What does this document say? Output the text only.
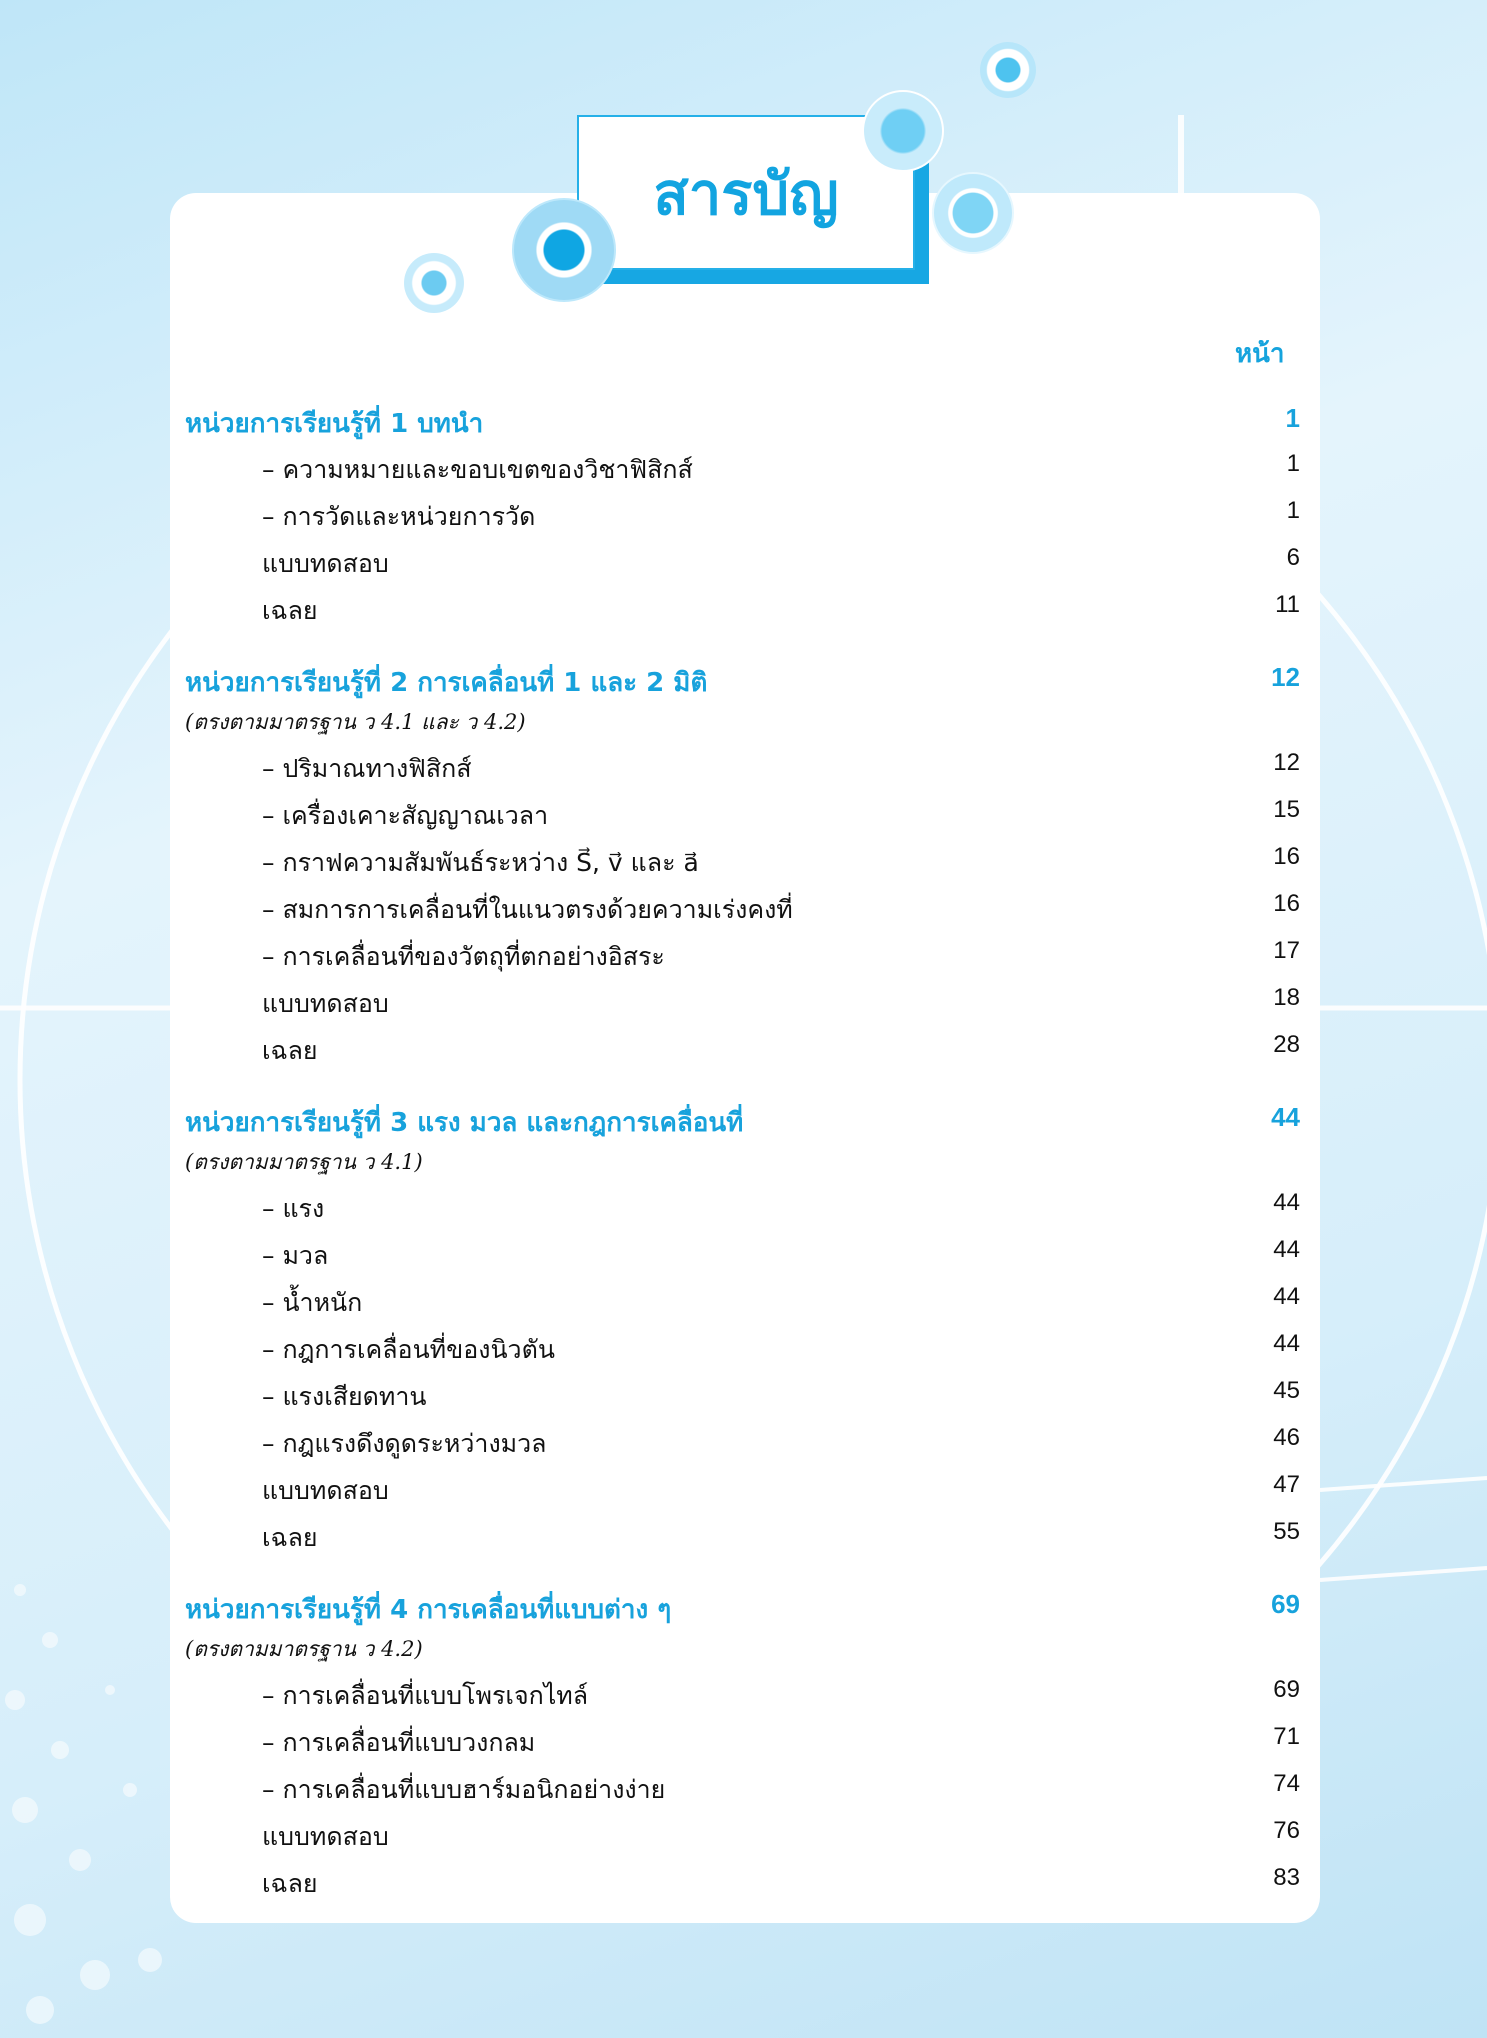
สารบัญ
หน้า
หน่วยการเรียนรู้ที่ 1 บทนำ	1
– ความหมายและขอบเขตของวิชาฟิสิกส์	1
– การวัดและหน่วยการวัด	1
แบบทดสอบ	6
เฉลย	11
หน่วยการเรียนรู้ที่ 2 การเคลื่อนที่ 1 และ 2 มิติ	12
(ตรงตามมาตรฐาน ว 4.1 และ ว 4.2)
– ปริมาณทางฟิสิกส์	12
– เครื่องเคาะสัญญาณเวลา	15
– กราฟความสัมพันธ์ระหว่าง S⃗, v⃗ และ a⃗	16
– สมการการเคลื่อนที่ในแนวตรงด้วยความเร่งคงที่	16
– การเคลื่อนที่ของวัตถุที่ตกอย่างอิสระ	17
แบบทดสอบ	18
เฉลย	28
หน่วยการเรียนรู้ที่ 3 แรง มวล และกฎการเคลื่อนที่	44
(ตรงตามมาตรฐาน ว 4.1)
– แรง	44
– มวล	44
– น้ำหนัก	44
– กฎการเคลื่อนที่ของนิวตัน	44
– แรงเสียดทาน	45
– กฎแรงดึงดูดระหว่างมวล	46
แบบทดสอบ	47
เฉลย	55
หน่วยการเรียนรู้ที่ 4 การเคลื่อนที่แบบต่าง ๆ	69
(ตรงตามมาตรฐาน ว 4.2)
– การเคลื่อนที่แบบโพรเจกไทล์	69
– การเคลื่อนที่แบบวงกลม	71
– การเคลื่อนที่แบบฮาร์มอนิกอย่างง่าย	74
แบบทดสอบ	76
เฉลย	83
